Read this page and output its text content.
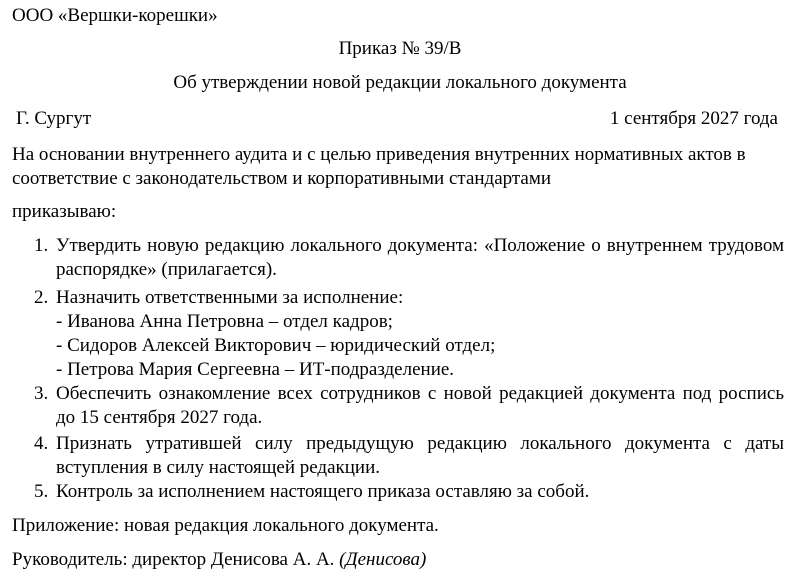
ООО «Вершки-корешки»
Приказ № 39/В
Об утверждении новой редакции локального документа
Г. Сургут	1 сентября 2027 года
На основании внутреннего аудита и с целью приведения внутренних нормативных актов в соответствие с законодательством и корпоративными стандартами
приказываю:
1. Утвердить новую редакцию локального документа: «Положение о внутреннем трудовом распорядке» (прилагается).
2. Назначить ответственными за исполнение:
- Иванова Анна Петровна – отдел кадров;
- Сидоров Алексей Викторович – юридический отдел;
- Петрова Мария Сергеевна – ИТ-подразделение.
3. Обеспечить ознакомление всех сотрудников с новой редакцией документа под роспись до 15 сентября 2027 года.
4. Признать утратившей силу предыдущую редакцию локального документа с даты вступления в силу настоящей редакции.
5. Контроль за исполнением настоящего приказа оставляю за собой.
Приложение: новая редакция локального документа.
Руководитель: директор Денисова А. А. (Денисова)
